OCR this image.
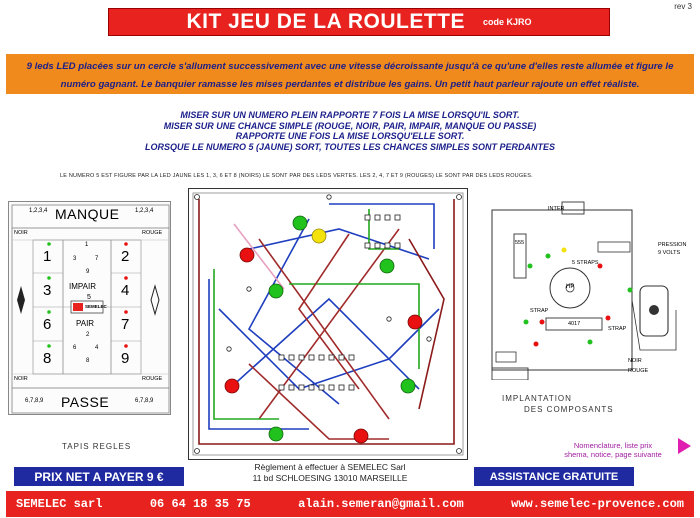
rev 3
KIT JEU DE LA ROULETTE code KJRO
9 leds LED placées sur un cercle s'allument successivement avec une vitesse décroissante jusqu'à ce qu'une d'elles reste allumée et figure le numéro gagnant. Le banquier ramasse les mises perdantes et distribue les gains. Un petit haut parleur rajoute un effet réaliste.
MISER SUR UN NUMERO PLEIN RAPPORTE 7 FOIS LA MISE LORSQU'IL SORT.
MISER SUR UNE CHANCE SIMPLE (ROUGE, NOIR, PAIR, IMPAIR, MANQUE OU PASSE)
RAPPORTE UNE FOIS LA MISE LORSQU'ELLE SORT.
LORSQUE LE NUMERO 5 (JAUNE) SORT, TOUTES LES CHANCES SIMPLES SONT PERDANTES
LE NUMERO 5 EST FIGURE PAR LA LED JAUNE LES 1, 3, 6 ET 8 (NOIRS) LE SONT PAR DES LEDS VERTES. LES 2, 4, 7 ET 9 (ROUGES) LE SONT PAR DES LEDS ROUGES.
1,2,3,4 MANQUE	1,2,3,4
NOIR	ROUGE
NOIR	ROUGE
1
3
6
8
2
4
7
9
1
3	7
9
IMPAIR
5
SEMELEC
PAIR
2
6	4
8
6,7,8,9 PASSE	6,7,8,9
TAPIS REGLES
INTER
PRESSION
9 VOLTS
5 STRAPS
HP
4017
555
STRAP
STRAP
NOIR
ROUGE
IMPLANTATION
DES COMPOSANTS
PRIX NET A PAYER 9 €
Règlement à effectuer à SEMELEC Sarl
11 bd SCHLOESING 13010 MARSEILLE
Nomenclature, liste prix
shema, notice, page suivante
ASSISTANCE GRATUITE
SEMELEC sarl	06 64 18 35 75	alain.semeran@gmail.com	www.semelec-provence.com
